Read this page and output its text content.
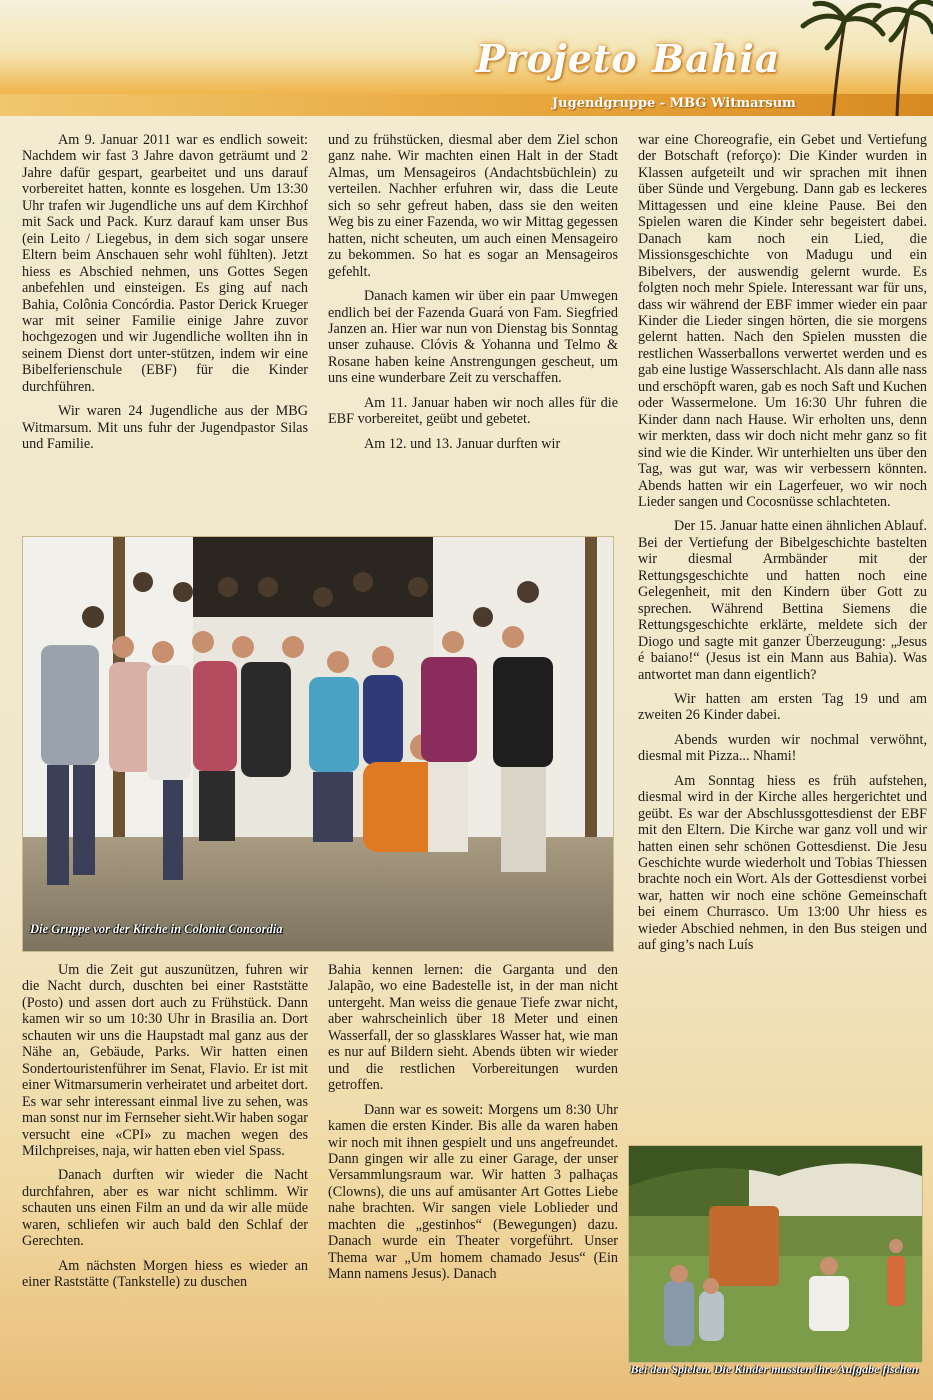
Projeto Bahia
Jugendgruppe - MBG Witmarsum

Am 9. Januar 2011 war es endlich soweit: Nachdem wir fast 3 Jahre davon geträumt und 2 Jahre dafür gespart, gearbeitet und uns darauf vorbereitet hatten, konnte es losgehen. Um 13:30 Uhr trafen wir Jugendliche uns auf dem Kirchhof mit Sack und Pack. Kurz darauf kam unser Bus (ein Leito / Liegebus, in dem sich sogar unsere Eltern beim Anschauen sehr wohl fühlten). Jetzt hiess es Abschied nehmen, uns Gottes Segen anbefehlen und einsteigen. Es ging auf nach Bahia, Colônia Concórdia. Pastor Derick Krueger war mit seiner Familie einige Jahre zuvor hochgezogen und wir Jugendliche wollten ihn in seinem Dienst dort unter-stützen, indem wir eine Bibelferienschule (EBF) für die Kinder durchführen.

Wir waren 24 Jugendliche aus der MBG Witmarsum. Mit uns fuhr der Jugendpastor Silas und Familie.

und zu frühstücken, diesmal aber dem Ziel schon ganz nahe. Wir machten einen Halt in der Stadt Almas, um Mensageiros (Andachtsbüchlein) zu verteilen. Nachher erfuhren wir, dass die Leute sich so sehr gefreut haben, dass sie den weiten Weg bis zu einer Fazenda, wo wir Mittag gegessen hatten, nicht scheuten, um auch einen Mensageiro zu bekommen. So hat es sogar an Mensageiros gefehlt.

Danach kamen wir über ein paar Umwegen endlich bei der Fazenda Guará von Fam. Siegfried Janzen an. Hier war nun von Dienstag bis Sonntag unser zuhause. Clóvis & Yohanna und Telmo & Rosane haben keine Anstrengungen gescheut, um uns eine wunderbare Zeit zu verschaffen.

Am 11. Januar haben wir noch alles für die EBF vorbereitet, geübt und gebetet.

Am 12. und 13. Januar durften wir

war eine Choreografie, ein Gebet und Vertiefung der Botschaft (reforço): Die Kinder wurden in Klassen aufgeteilt und wir sprachen mit ihnen über Sünde und Vergebung. Dann gab es leckeres Mittagessen und eine kleine Pause. Bei den Spielen waren die Kinder sehr begeistert dabei. Danach kam noch ein Lied, die Missionsgeschichte von Madugu und ein Bibelvers, der auswendig gelernt wurde. Es folgten noch mehr Spiele. Interessant war für uns, dass wir während der EBF immer wieder ein paar Kinder die Lieder singen hörten, die sie morgens gelernt hatten. Nach den Spielen mussten die restlichen Wasserballons verwertet werden und es gab eine lustige Wasserschlacht. Als dann alle nass und erschöpft waren, gab es noch Saft und Kuchen oder Wassermelone. Um 16:30 Uhr fuhren die Kinder dann nach Hause. Wir erholten uns, denn wir merkten, dass wir doch nicht mehr ganz so fit sind wie die Kinder. Wir unterhielten uns über den Tag, was gut war, was wir verbessern könnten. Abends hatten wir ein Lagerfeuer, wo wir noch Lieder sangen und Cocosnüsse schlachteten.

Der 15. Januar hatte einen ähnlichen Ablauf. Bei der Vertiefung der Bibelgeschichte bastelten wir diesmal Armbänder mit der Rettungsgeschichte und hatten noch eine Gelegenheit, mit den Kindern über Gott zu sprechen. Während Bettina Siemens die Rettungsgeschichte erklärte, meldete sich der Diogo und sagte mit ganzer Überzeugung: „Jesus é baiano!“ (Jesus ist ein Mann aus Bahia). Was antwortet man dann eigentlich?

Wir hatten am ersten Tag 19 und am zweiten 26 Kinder dabei.

Abends wurden wir nochmal verwöhnt, diesmal mit Pizza... Nhami!

Am Sonntag hiess es früh aufstehen, diesmal wird in der Kirche alles hergerichtet und geübt. Es war der Abschlussgottesdienst der EBF mit den Eltern. Die Kirche war ganz voll und wir hatten einen sehr schönen Gottesdienst. Die Jesu Geschichte wurde wiederholt und Tobias Thiessen brachte noch ein Wort. Als der Gottesdienst vorbei war, hatten wir noch eine schöne Gemeinschaft bei einem Churrasco. Um 13:00 Uhr hiess es wieder Abschied nehmen, in den Bus steigen und auf ging’s nach Luís

Die Gruppe vor der Kirche in Colonia Concordia

Um die Zeit gut auszunützen, fuhren wir die Nacht durch, duschten bei einer Raststätte (Posto) und assen dort auch zu Frühstück. Dann kamen wir so um 10:30 Uhr in Brasilia an. Dort schauten wir uns die Haupstadt mal ganz aus der Nähe an, Gebäude, Parks. Wir hatten einen Sondertouristenführer im Senat, Flavio. Er ist mit einer Witmarsumerin verheiratet und arbeitet dort. Es war sehr interessant einmal live zu sehen, was man sonst nur im Fernseher sieht.Wir haben sogar versucht eine «CPI» zu machen wegen des Milchpreises, naja, wir hatten eben viel Spass.

Danach durften wir wieder die Nacht durchfahren, aber es war nicht schlimm. Wir schauten uns einen Film an und da wir alle müde waren, schliefen wir auch bald den Schlaf der Gerechten.

Am nächsten Morgen hiess es wieder an einer Raststätte (Tankstelle) zu duschen

Bahia kennen lernen: die Garganta und den Jalapão, wo eine Badestelle ist, in der man nicht untergeht. Man weiss die genaue Tiefe zwar nicht, aber wahrscheinlich über 18 Meter und einen Wasserfall, der so glassklares Wasser hat, wie man es nur auf Bildern sieht. Abends übten wir wieder und die restlichen Vorbereitungen wurden getroffen.

Dann war es soweit: Morgens um 8:30 Uhr kamen die ersten Kinder. Bis alle da waren haben wir noch mit ihnen gespielt und uns angefreundet. Dann gingen wir alle zu einer Garage, der unser Versammlungsraum war. Wir hatten 3 palhaças (Clowns), die uns auf amüsanter Art Gottes Liebe nahe brachten. Wir sangen viele Loblieder und machten die „gestinhos“ (Bewegungen) dazu. Danach wurde ein Theater vorgeführt. Unser Thema war „Um homem chamado Jesus“ (Ein Mann namens Jesus). Danach

Bei den Spielen. Die Kinder mussten ihre Aufgabe fischen
